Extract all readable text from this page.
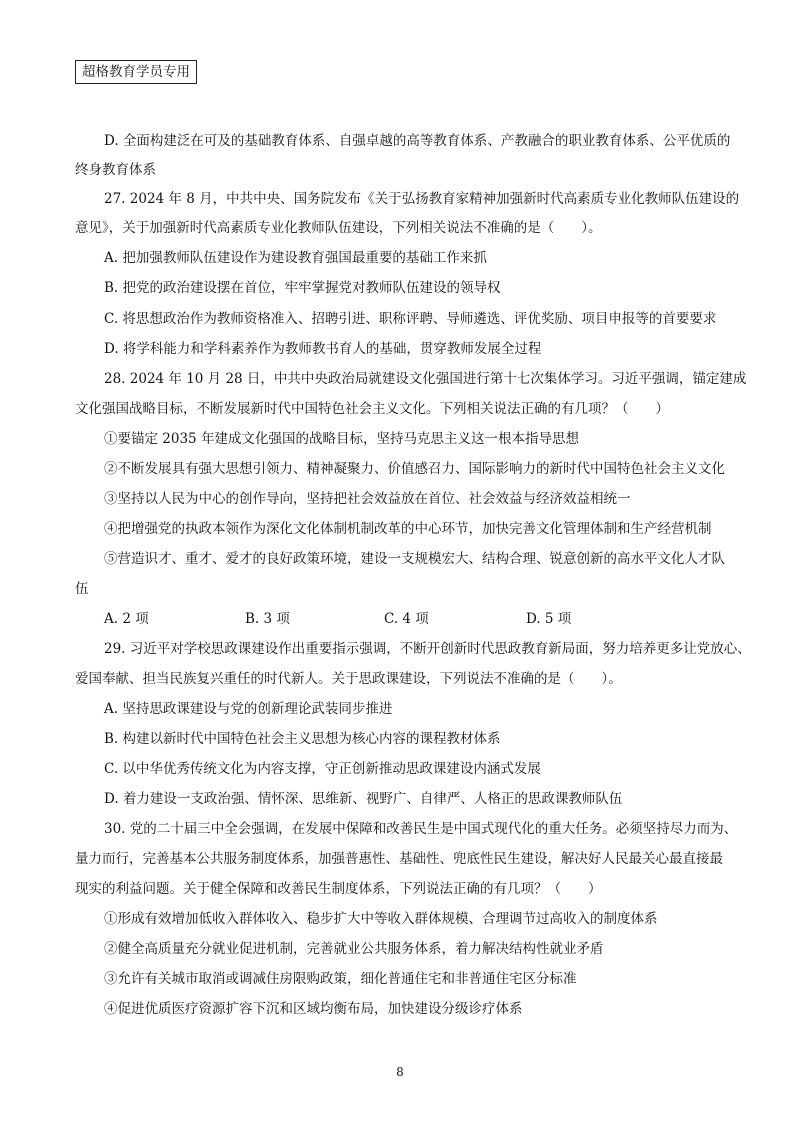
超格教育学员专用
D. 全面构建泛在可及的基础教育体系、自强卓越的高等教育体系、产教融合的职业教育体系、公平优质的
终身教育体系
27. 2024 年 8 月，中共中央、国务院发布《关于弘扬教育家精神加强新时代高素质专业化教师队伍建设的
意见》，关于加强新时代高素质专业化教师队伍建设，下列相关说法不准确的是（　　）。
A. 把加强教师队伍建设作为建设教育强国最重要的基础工作来抓
B. 把党的政治建设摆在首位，牢牢掌握党对教师队伍建设的领导权
C. 将思想政治作为教师资格准入、招聘引进、职称评聘、导师遴选、评优奖励、项目申报等的首要要求
D. 将学科能力和学科素养作为教师教书育人的基础，贯穿教师发展全过程
28. 2024 年 10 月 28 日，中共中央政治局就建设文化强国进行第十七次集体学习。习近平强调，锚定建成
文化强国战略目标，不断发展新时代中国特色社会主义文化。下列相关说法正确的有几项？（　　）
①要锚定 2035 年建成文化强国的战略目标，坚持马克思主义这一根本指导思想
②不断发展具有强大思想引领力、精神凝聚力、价值感召力、国际影响力的新时代中国特色社会主义文化
③坚持以人民为中心的创作导向，坚持把社会效益放在首位、社会效益与经济效益相统一
④把增强党的执政本领作为深化文化体制机制改革的中心环节，加快完善文化管理体制和生产经营机制
⑤营造识才、重才、爱才的良好政策环境，建设一支规模宏大、结构合理、锐意创新的高水平文化人才队
伍
A. 2 项	B. 3 项	C. 4 项	D. 5 项
29. 习近平对学校思政课建设作出重要指示强调，不断开创新时代思政教育新局面，努力培养更多让党放心、
爱国奉献、担当民族复兴重任的时代新人。关于思政课建设，下列说法不准确的是（　　）。
A. 坚持思政课建设与党的创新理论武装同步推进
B. 构建以新时代中国特色社会主义思想为核心内容的课程教材体系
C. 以中华优秀传统文化为内容支撑，守正创新推动思政课建设内涵式发展
D. 着力建设一支政治强、情怀深、思维新、视野广、自律严、人格正的思政课教师队伍
30. 党的二十届三中全会强调，在发展中保障和改善民生是中国式现代化的重大任务。必须坚持尽力而为、
量力而行，完善基本公共服务制度体系，加强普惠性、基础性、兜底性民生建设，解决好人民最关心最直接最
现实的利益问题。关于健全保障和改善民生制度体系，下列说法正确的有几项？（　　）
①形成有效增加低收入群体收入、稳步扩大中等收入群体规模、合理调节过高收入的制度体系
②健全高质量充分就业促进机制，完善就业公共服务体系，着力解决结构性就业矛盾
③允许有关城市取消或调减住房限购政策，细化普通住宅和非普通住宅区分标准
④促进优质医疗资源扩容下沉和区域均衡布局，加快建设分级诊疗体系
8
